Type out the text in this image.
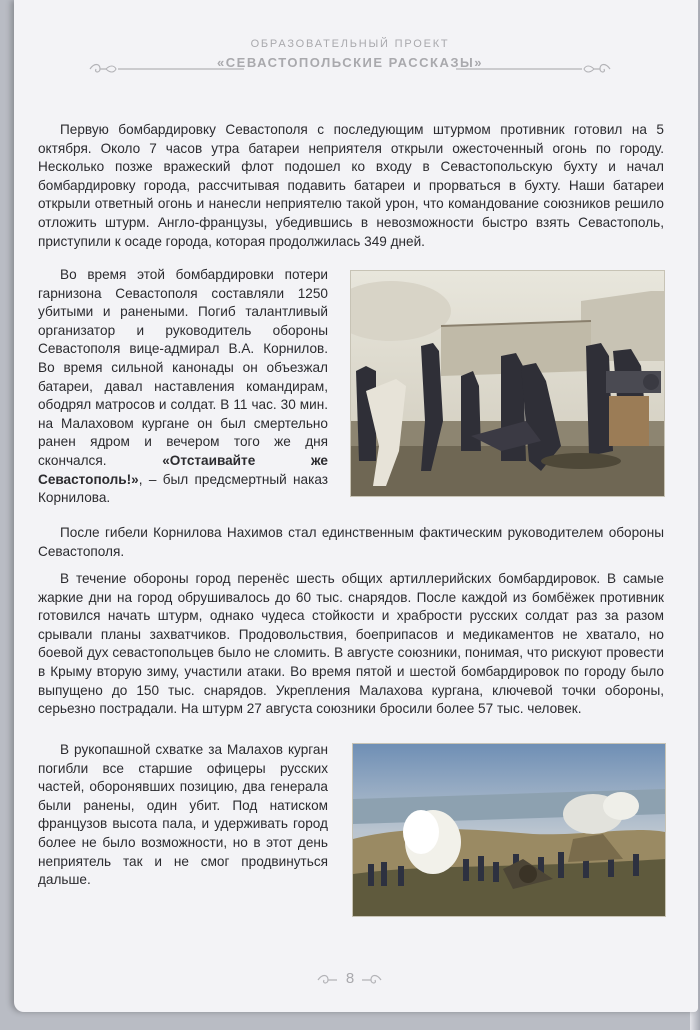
ОБРАЗОВАТЕЛЬНЫЙ ПРОЕКТ
«СЕВАСТОПОЛЬСКИЕ РАССКАЗЫ»

Первую бомбардировку Севастополя с последующим штурмом противник готовил на 5 октября. Около 7 часов утра батареи неприятеля открыли ожесточенный огонь по городу. Несколько позже вражеский флот подошел ко входу в Севастопольскую бухту и начал бомбардировку города, рассчитывая подавить батареи и прорваться в бухту. Наши батареи открыли ответный огонь и нанесли неприятелю такой урон, что командование союзников решило отложить штурм. Англо-французы, убедившись в невозможности быстро взять Севастополь, приступили к осаде города, которая продолжилась 349 дней.

Во время этой бомбардировки потери гарнизона Севастополя составляли 1250 убитыми и ранеными. Погиб талантливый организатор и руководитель обороны Севастополя вице-адмирал В.А. Корнилов. Во время сильной канонады он объезжал батареи, давал наставления командирам, ободрял матросов и солдат. В 11 час. 30 мин. на Малаховом кургане он был смертельно ранен ядром и вечером того же дня скончался.	«Отстаивайте же Севастополь!», – был предсмертный наказ Корнилова.

После гибели Корнилова Нахимов стал единственным фактическим руководителем обороны Севастополя.

В течение обороны город перенёс шесть общих артиллерийских бомбардировок. В самые жаркие дни на город обрушивалось до 60 тыс. снарядов. После каждой из бомбёжек противник готовился начать штурм, однако чудеса стойкости и храбрости русских солдат раз за разом срывали планы захватчиков. Продовольствия, боеприпасов и медикаментов не хватало, но боевой дух севастопольцев было не сломить. В августе союзники, понимая, что рискуют провести в Крыму вторую зиму, участили атаки. Во время пятой и шестой бомбардировок по городу было выпущено до 150 тыс. снарядов. Укрепления Малахова кургана, ключевой точки обороны, серьезно пострадали. На штурм 27 августа союзники бросили более 57 тыс. человек.

В рукопашной схватке за Малахов курган погибли все старшие офицеры русских частей, оборонявших позицию, два генерала были ранены, один убит. Под натиском французов высота пала, и удерживать город более не было возможности, но в этот день неприятель так и не смог продвинуться дальше.

8
